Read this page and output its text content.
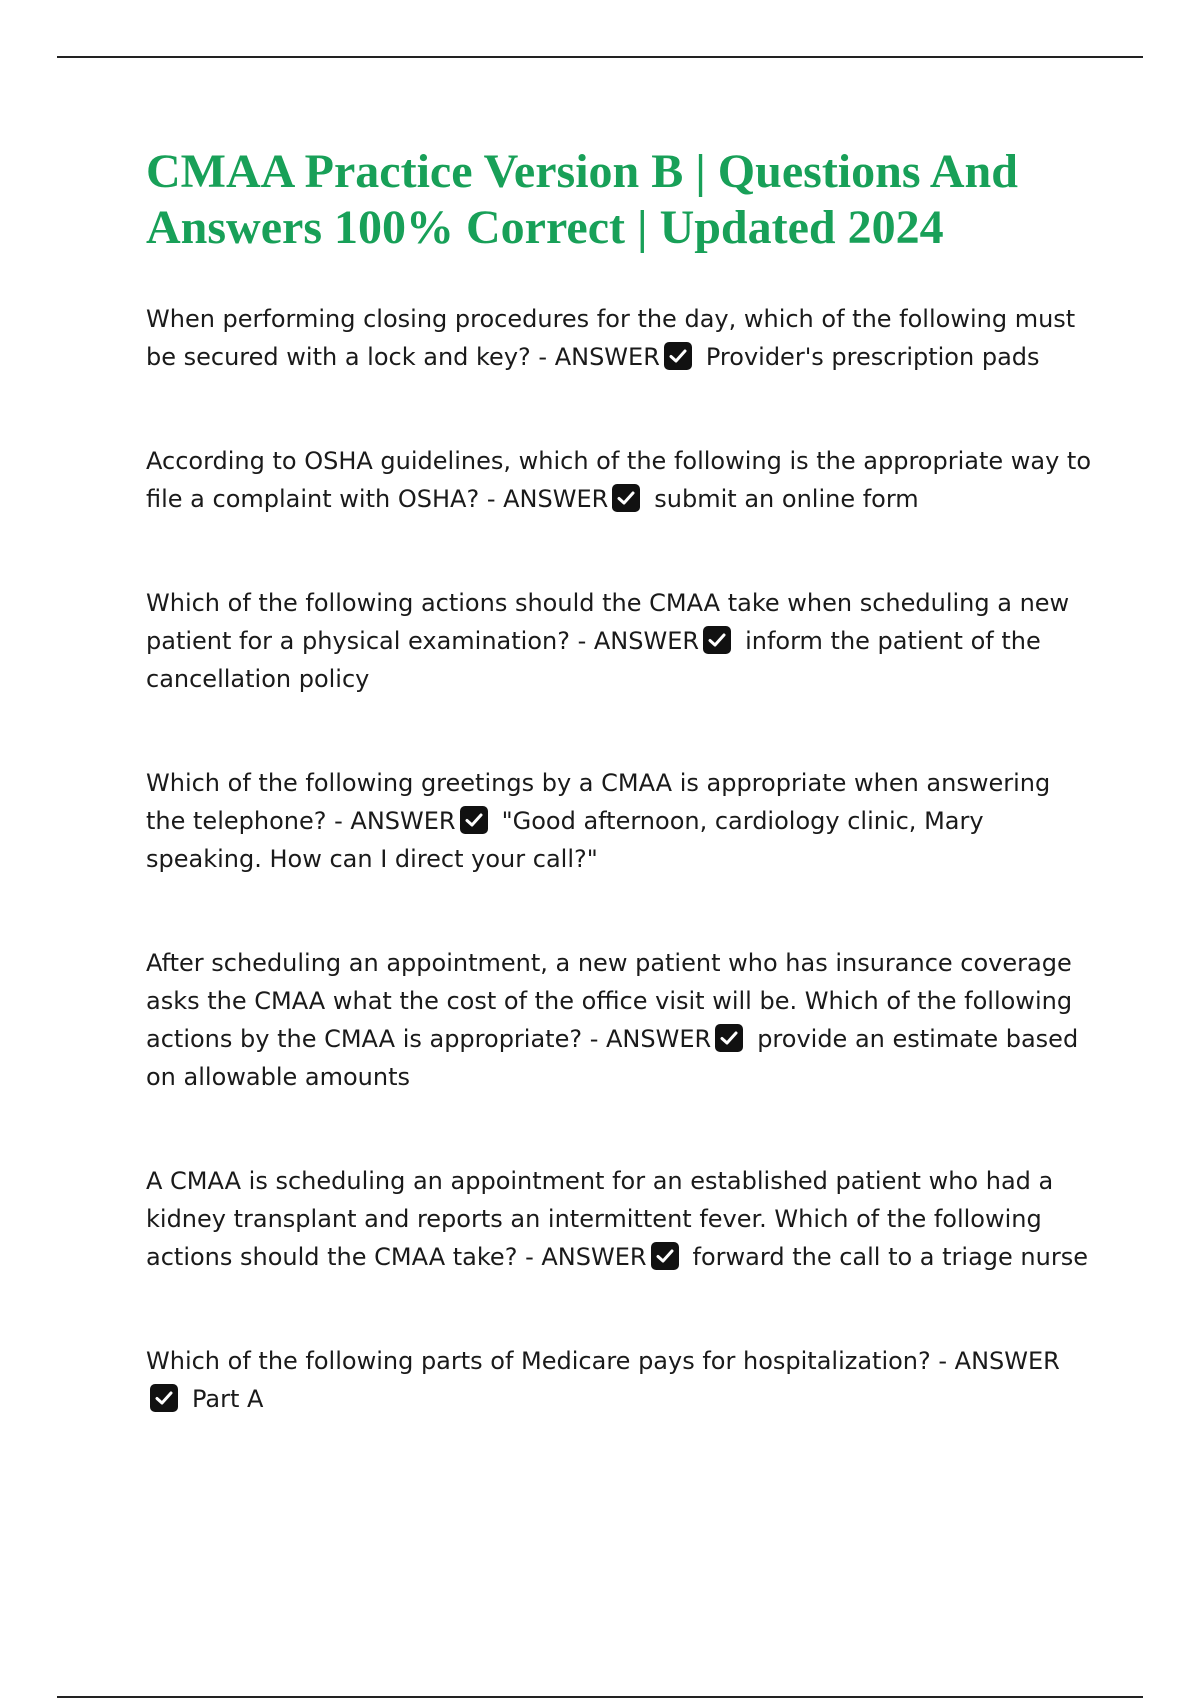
CMAA Practice Version B | Questions And Answers 100% Correct | Updated 2024

When performing closing procedures for the day, which of the following must be secured with a lock and key? - ANSWER Provider's prescription pads

According to OSHA guidelines, which of the following is the appropriate way to file a complaint with OSHA? - ANSWER submit an online form

Which of the following actions should the CMAA take when scheduling a new patient for a physical examination? - ANSWER inform the patient of the cancellation policy

Which of the following greetings by a CMAA is appropriate when answering the telephone? - ANSWER "Good afternoon, cardiology clinic, Mary speaking. How can I direct your call?"

After scheduling an appointment, a new patient who has insurance coverage asks the CMAA what the cost of the office visit will be. Which of the following actions by the CMAA is appropriate? - ANSWER provide an estimate based on allowable amounts

A CMAA is scheduling an appointment for an established patient who had a kidney transplant and reports an intermittent fever. Which of the following actions should the CMAA take? - ANSWER forward the call to a triage nurse

Which of the following parts of Medicare pays for hospitalization? - ANSWER
Part A
